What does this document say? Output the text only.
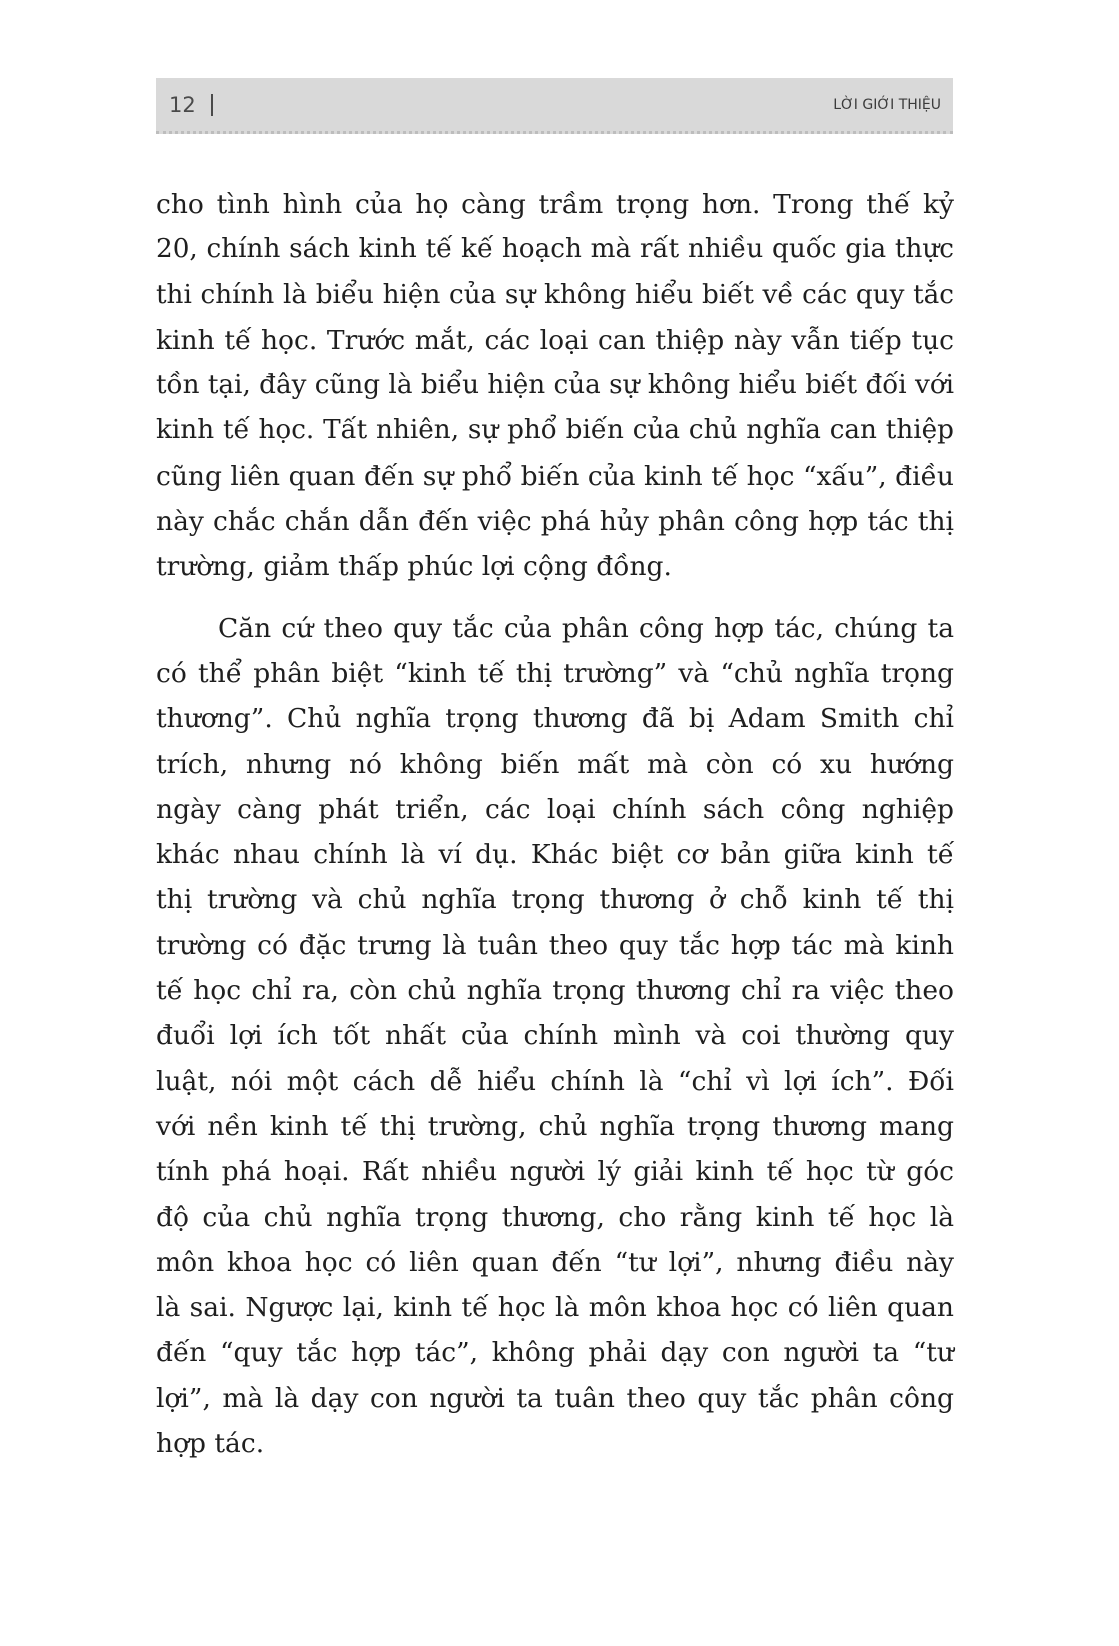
12	LỜI GIỚI THIỆU
cho tình hình của họ càng trầm trọng hơn. Trong thế kỷ
20, chính sách kinh tế kế hoạch mà rất nhiều quốc gia thực
thi chính là biểu hiện của sự không hiểu biết về các quy tắc
kinh tế học. Trước mắt, các loại can thiệp này vẫn tiếp tục
tồn tại, đây cũng là biểu hiện của sự không hiểu biết đối với
kinh tế học. Tất nhiên, sự phổ biến của chủ nghĩa can thiệp
cũng liên quan đến sự phổ biến của kinh tế học “xấu”, điều
này chắc chắn dẫn đến việc phá hủy phân công hợp tác thị
trường, giảm thấp phúc lợi cộng đồng.
Căn cứ theo quy tắc của phân công hợp tác, chúng ta
có thể phân biệt “kinh tế thị trường” và “chủ nghĩa trọng
thương”. Chủ nghĩa trọng thương đã bị Adam Smith chỉ
trích, nhưng nó không biến mất mà còn có xu hướng
ngày càng phát triển, các loại chính sách công nghiệp
khác nhau chính là ví dụ. Khác biệt cơ bản giữa kinh tế
thị trường và chủ nghĩa trọng thương ở chỗ kinh tế thị
trường có đặc trưng là tuân theo quy tắc hợp tác mà kinh
tế học chỉ ra, còn chủ nghĩa trọng thương chỉ ra việc theo
đuổi lợi ích tốt nhất của chính mình và coi thường quy
luật, nói một cách dễ hiểu chính là “chỉ vì lợi ích”. Đối
với nền kinh tế thị trường, chủ nghĩa trọng thương mang
tính phá hoại. Rất nhiều người lý giải kinh tế học từ góc
độ của chủ nghĩa trọng thương, cho rằng kinh tế học là
môn khoa học có liên quan đến “tư lợi”, nhưng điều này
là sai. Ngược lại, kinh tế học là môn khoa học có liên quan
đến “quy tắc hợp tác”, không phải dạy con người ta “tư
lợi”, mà là dạy con người ta tuân theo quy tắc phân công
hợp tác.
